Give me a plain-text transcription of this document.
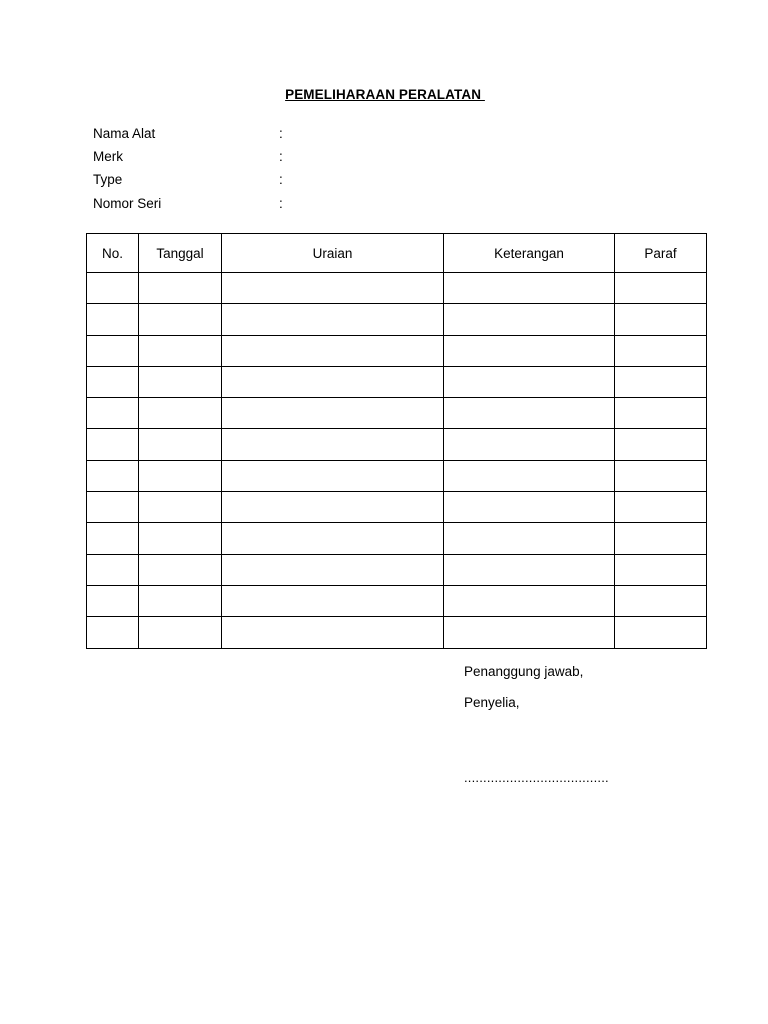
PEMELIHARAAN PERALATAN
Nama Alat	:
Merk	:
Type	:
Nomor Seri	:
No.	Tanggal	Uraian	Keterangan	Paraf

Penanggung jawab,
Penyelia,
......................................
